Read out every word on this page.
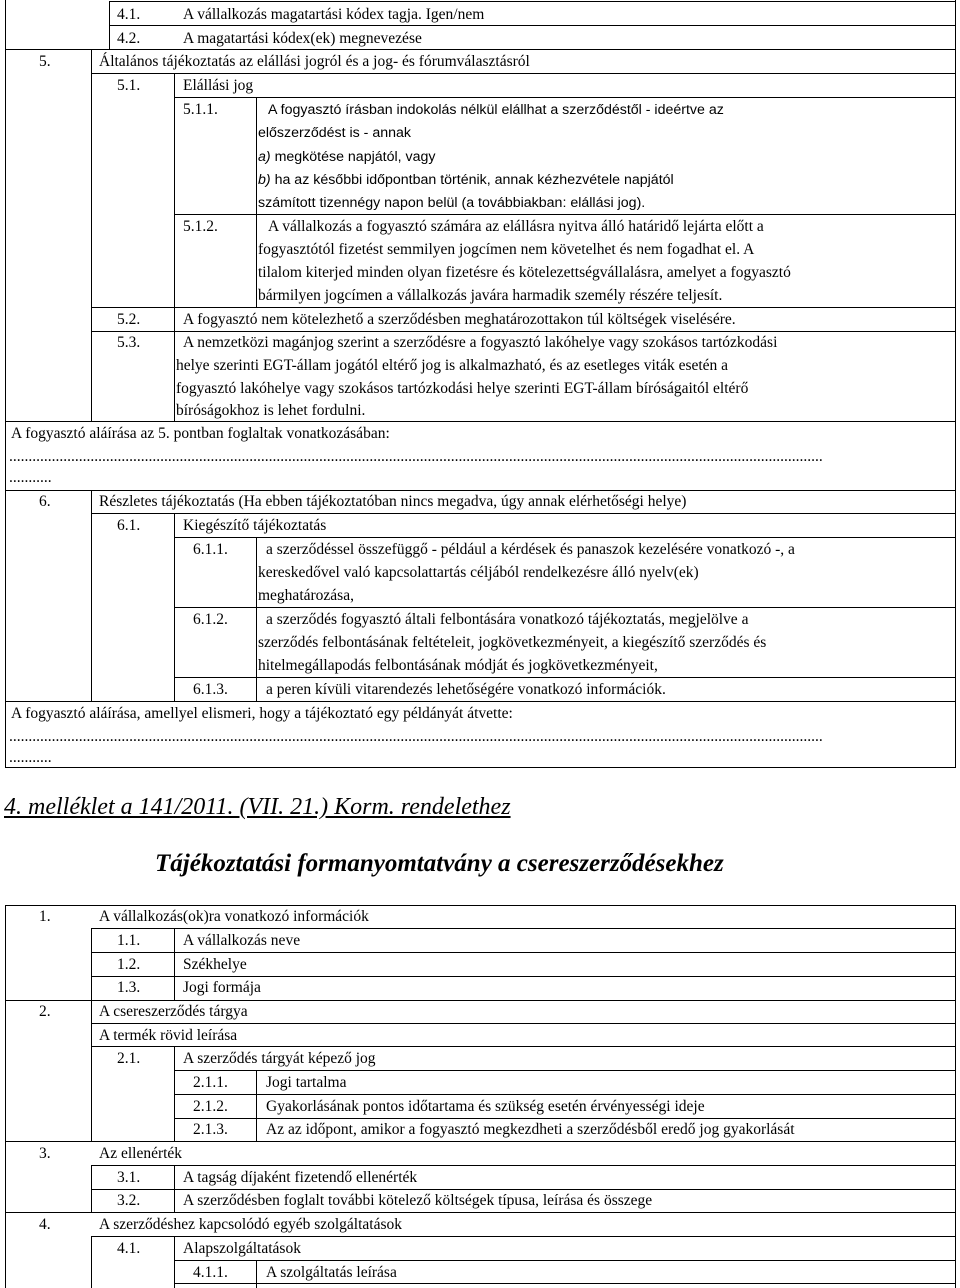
4.1.	A vállalkozás magatartási kódex tagja. Igen/nem
4.2.	A magatartási kódex(ek) megnevezése
5.	Általános tájékoztatás az elállási jogról és a jog- és fórumválasztásról
5.1.	Elállási jog
5.1.1.	A fogyasztó írásban indokolás nélkül elállhat a szerződéstől - ideértve az
előszerződést is - annak
a) megkötése napjától, vagy
b) ha az későbbi időpontban történik, annak kézhezvétele napjától
számított tizennégy napon belül (a továbbiakban: elállási jog).
5.1.2.	A vállalkozás a fogyasztó számára az elállásra nyitva álló határidő lejárta előtt a
fogyasztótól fizetést semmilyen jogcímen nem követelhet és nem fogadhat el. A
tilalom kiterjed minden olyan fizetésre és kötelezettségvállalásra, amelyet a fogyasztó
bármilyen jogcímen a vállalkozás javára harmadik személy részére teljesít.
5.2.	A fogyasztó nem kötelezhető a szerződésben meghatározottakon túl költségek viselésére.
5.3.	A nemzetközi magánjog szerint a szerződésre a fogyasztó lakóhelye vagy szokásos tartózkodási
helye szerinti EGT-állam jogától eltérő jog is alkalmazható, és az esetleges viták esetén a
fogyasztó lakóhelye vagy szokásos tartózkodási helye szerinti EGT-állam bíróságaitól eltérő
bíróságokhoz is lehet fordulni.
A fogyasztó aláírása az 5. pontban foglaltak vonatkozásában:
..................................................................................................................................................................................................................
...........
6.	Részletes tájékoztatás (Ha ebben tájékoztatóban nincs megadva, úgy annak elérhetőségi helye)
6.1.	Kiegészítő tájékoztatás
6.1.1. a szerződéssel összefüggő - például a kérdések és panaszok kezelésére vonatkozó -, a
kereskedővel való kapcsolattartás céljából rendelkezésre álló nyelv(ek)
meghatározása,
6.1.2. a szerződés fogyasztó általi felbontására vonatkozó tájékoztatás, megjelölve a
szerződés felbontásának feltételeit, jogkövetkezményeit, a kiegészítő szerződés és
hitelmegállapodás felbontásának módját és jogkövetkezményeit,
6.1.3. a peren kívüli vitarendezés lehetőségére vonatkozó információk.
A fogyasztó aláírása, amellyel elismeri, hogy a tájékoztató egy példányát átvette:
..................................................................................................................................................................................................................
...........
4. melléklet a 141/2011. (VII. 21.) Korm. rendelethez
Tájékoztatási formanyomtatvány a csereszerződésekhez
1.	A vállalkozás(ok)ra vonatkozó információk
1.1.	A vállalkozás neve
1.2.	Székhelye
1.3.	Jogi formája
2.	A csereszerződés tárgya
A termék rövid leírása
2.1.	A szerződés tárgyát képező jog
2.1.1. Jogi tartalma
2.1.2. Gyakorlásának pontos időtartama és szükség esetén érvényességi ideje
2.1.3. Az az időpont, amikor a fogyasztó megkezdheti a szerződésből eredő jog gyakorlását
3.	Az ellenérték
3.1.	A tagság díjaként fizetendő ellenérték
3.2.	A szerződésben foglalt további kötelező költségek típusa, leírása és összege
4.	A szerződéshez kapcsolódó egyéb szolgáltatások
4.1.	Alapszolgáltatások
4.1.1. A szolgáltatás leírása
